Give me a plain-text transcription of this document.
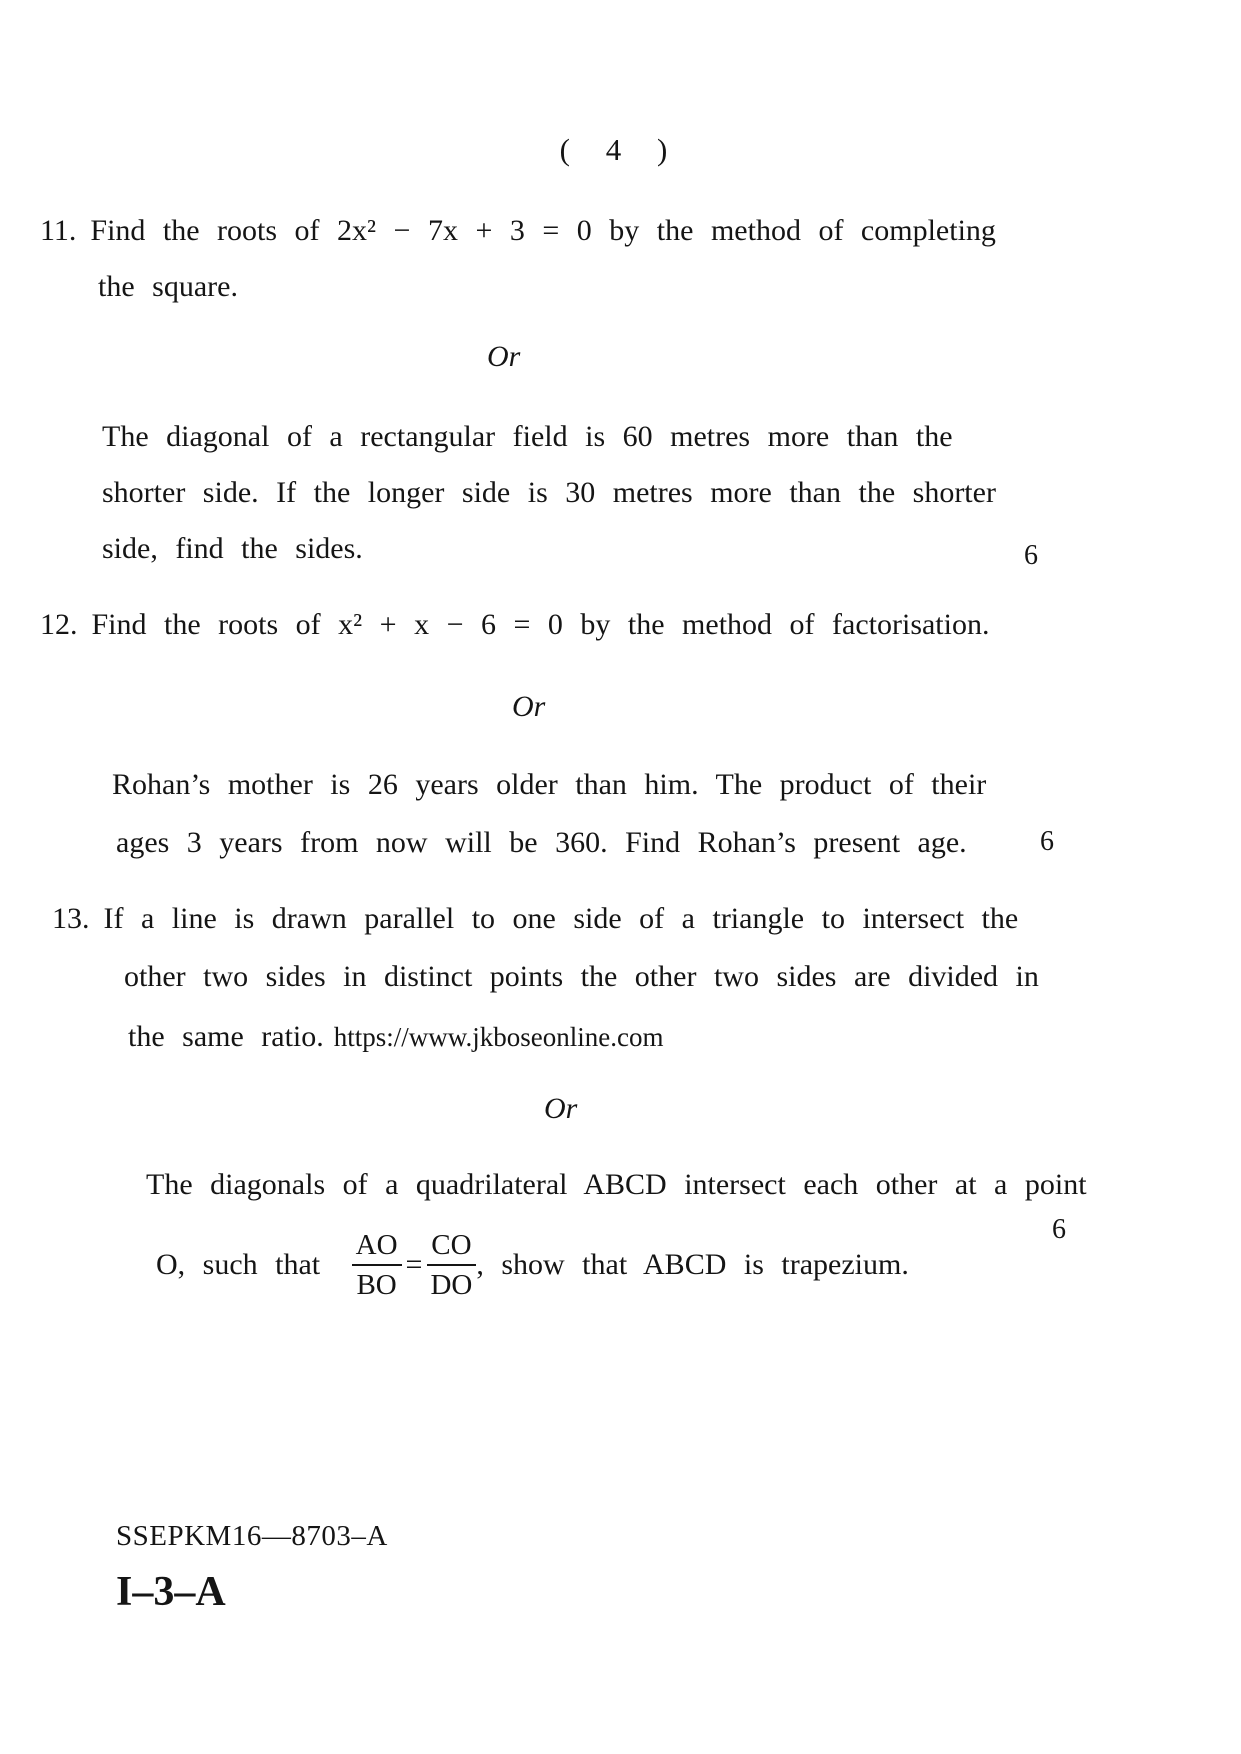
( 4 )
11. Find the roots of 2x² − 7x + 3 = 0 by the method of completing
the square.
Or
The diagonal of a rectangular field is 60 metres more than the
shorter side. If the longer side is 30 metres more than the shorter
side, find the sides.	6
12. Find the roots of x² + x − 6 = 0 by the method of factorisation.
Or
Rohan’s mother is 26 years older than him. The product of their
ages 3 years from now will be 360. Find Rohan’s present age.	6
13. If a line is drawn parallel to one side of a triangle to intersect the
other two sides in distinct points the other two sides are divided in
the same ratio. https://www.jkboseonline.com
Or
The diagonals of a quadrilateral ABCD intersect each other at a point
O, such that $\frac{AO}{BO} = \frac{CO}{DO}$ , show that ABCD is trapezium.
6
SSEPKM16—8703–A
I–3–A
